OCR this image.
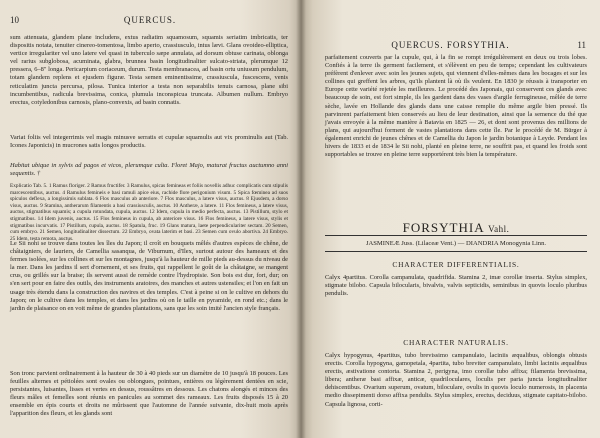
10	QUERCUS.

sum attenuata, glandem plane includens, extus radiatim squamosum, squamis seriatim imbricatis, ter dispositis notata, tenuiter cinereo-tomentosa, limbo aperto, crassiusculo, intus lævi. Glans ovoideo-elliptica, vertice irregulariter vel uno latere vel quasi in tuberculo sæpe annulata, ad dorsum obtuse carinata, oblonga vel rarius subglobosa, acuminata, glabra, brunnea basin longitudinaliter sulcato-striata, plerumque 12 pressera, 6–8" longa. Pericarpium coriaceum, durum. Testa membranacea, ad basin ortu uniusum pendulum, totam glandem replens et ejusdem figuræ. Testa semen eminentissime, crassiuscula, fuscescens, venis reticulatim juncta percursa, pilosa. Tunica interior a testa non separabilis tenuis carnosa, plane sibi incumbentibus, radicula brevissima, conica, plumula inconspicua truncata. Albumen nullum. Embryo erectus, cotyledonibus carnosis, plano-convexis, ad basin connatis.

Variat foliis vel integerrimis vel magis minusve serratis et cupulæ squamulis aut vix prominulis aut (Tab. Icones Japonicis) in mucrones satis longos productis.

Habitat ubique in sylvis ad pagos et vicos, plerumque culta. Floret Majo, maturat fructus auctumno anni sequentis. †

Explicatio Tab. 5. 1 Ramus floriger. 2 Ramus fructifer. 3 Ramulus, spicas femineas et foliis novellis adhuc complicatis cum stipulis marcescentibus, auctus. 4 Ramulus femineis e basi ramuli apice eius, rachide flore perigonium visum. 5 Spica fœminea ad suos spiculos deflexa, a longissimis sublata. 6 Flos masculus ab anteriore. 7 Flos masculus, a latere visus, auctus. 8 Ejusdem, a dorso visus, auctus. 9 Stamina, antherarum filamentis a basi crassiusculis, auctus. 10 Antheræ, a latere. 11 Flos femineus, a latere visus, auctus, stigmatibus squamis; a cupula rotundata, cupula, auctus. 12 Idem, cupula in medio perfecta, auctus. 13 Pistillum, stylo et stigmatibus. 14 Idem juvenis, auctus. 15 Flos femineus in cupula, ab anteriore visus. 16 Flos femineus, a latere visus, stylis et stigmatibus incurvatis. 17 Pistillum, cupula, auctus. 18 Spatula, fruc. 19 Glans matura, laete perpendiculariter sectam. 20 Semen, cum embryo. 21 Semen, longitudinaliter dissectum. 22 Embryo, ovata laterim et basi. 23 Semen cum ovulo abortiva. 24 Embryo. 25 Idem, testa remota, auctus.

Le Sii nohi se trouve dans toutes les îles du Japon; il croît en bouquets mêlés d'autres espèces de chêne, de châtaigniers, de lauriers, de Camellia sasanqua, de Viburnum, d'Ilex, surtout autour des hameaux et des fermes isolées, sur les collines et sur les montagnes, jusqu'à la hauteur de mille pieds au-dessus du niveau de la mer. Dans les jardins il sert d'ornement, et ses fruits, qui rappellent le goût de la châtaigne, se mangent crus, ou grillés sur la braise; ils servent aussi de remède contre l'hydropisie. Son bois est dur, fort, dur; on s'en sert pour en faire des outils, des instruments aratoires, des manches et autres ustensiles; et l'on en fait un usage très étendu dans la construction des navires et des temples. C'est à peine si on le cultive en dehors du Japon; on le cultive dans les temples, et dans les jardins où on le taille en pyramide, en rond etc.; dans le jardin de plaisance on en voit même de grandes plantations, sans que les soin imité l'ancien style français.

Son tronc parvient ordinairement à la hauteur de 30 à 40 pieds sur un diamètre de 10 jusqu'à 18 pouces. Les feuilles alternes et pétiolées sont ovales ou oblongues, pointues, entières ou légèrement dentées en scie, persistantes, luisantes, lisses et vertes en dessus, roussâtres en dessous. Les chatons alongés et minces des fleurs mâles et femelles sont réunis en panicules au sommet des rameaux. Les fruits disposés 15 à 20 ensemble en épis courts et droits ne mûrissent que l'automne de l'année suivante, dix-huit mois après l'apparition des fleurs, et les glands sont

QUERCUS. FORSYTHIA.	11

parfaitement couverts par la cupule, qui, à la fin se rompt irrégulièrement en deux ou trois lobes. Confiés à la terre ils germent facilement, et s'élèvent en peu de temps; cependant les cultivateurs préfèrent d'enlever avec soin les jeunes sujets, qui viennent d'elles-mêmes dans les bocages et sur les collines qui greffent les arbres, qu'ils plantent là où ils veulent. En 1830 je réussis à transporter en Europe cette variété rejetée les meilleures. Le procédé des Japonais, qui conservent ces glands avec beaucoup de soin, est fort simple, ils les gardent dans des vases d'argile ferrugineuse, mêlée de terre sèche, lavée en Hollande des glands dans une caisse remplie du même argile bien pressé. Ils parvinrent parfaitement bien conservés au lieu de leur destination, ainsi que la semence du thé que j'avais envoyée à la même manière à Batavia en 1825 — 26, et dont sont provenus des millions de plans, qui aujourd'hui forment de vastes plantations dans cette île. Par le procédé de M. Bürger à également enrichi de jeunes chênes et de Camellia du Japon le jardin botanique à Leyde. Pendant les hivers de 1833 et de 1834 le Sii nohi, planté en pleine terre, ne souffrit pas, et quand les froids sont supportables se trouve en pleine terre supportérent très bien la température.

FORSYTHIA Vahl.
JASMINEÆ Juss. (Lilaceæ Vent.) — DIANDRIA Monogynia Linn.
CHARACTER DIFFERENTIALIS.

Calyx 4partitus. Corolla campanulata, quadrifida. Stamina 2, imæ corollæ inserta. Stylus simplex, stigmate bilobo. Capsula bilocularis, bivalvis, valvis septicidis, seminibus in quovis loculo pluribus pendulis.

CHARACTER NATURALIS.

Calyx hypogynus, 4partitus, tubo brevissimo campanulato, laciniis æqualibus, oblongis obtusis erectis. Corolla hypogyna, gamopetala, 4partita, tubo breviter campanulato, limbi laciniis æqualibus erectis, æstivatione contorta. Stamina 2, perigyna, imo corollæ tubo affixa; filamenta brevissima, libera; antheræ basi affixæ, anticæ, quadriloculares, loculis per paria juncta longitudinaliter dehiscentibus. Ovarium superum, ovatum, biloculare, ovulis in quovis loculo numerosis, in placenta medio dissepimenti dorso affixa pendulis. Stylus simplex, erectus, deciduus, stigmate capitato-bilobo. Capsula lignosa, corti-
